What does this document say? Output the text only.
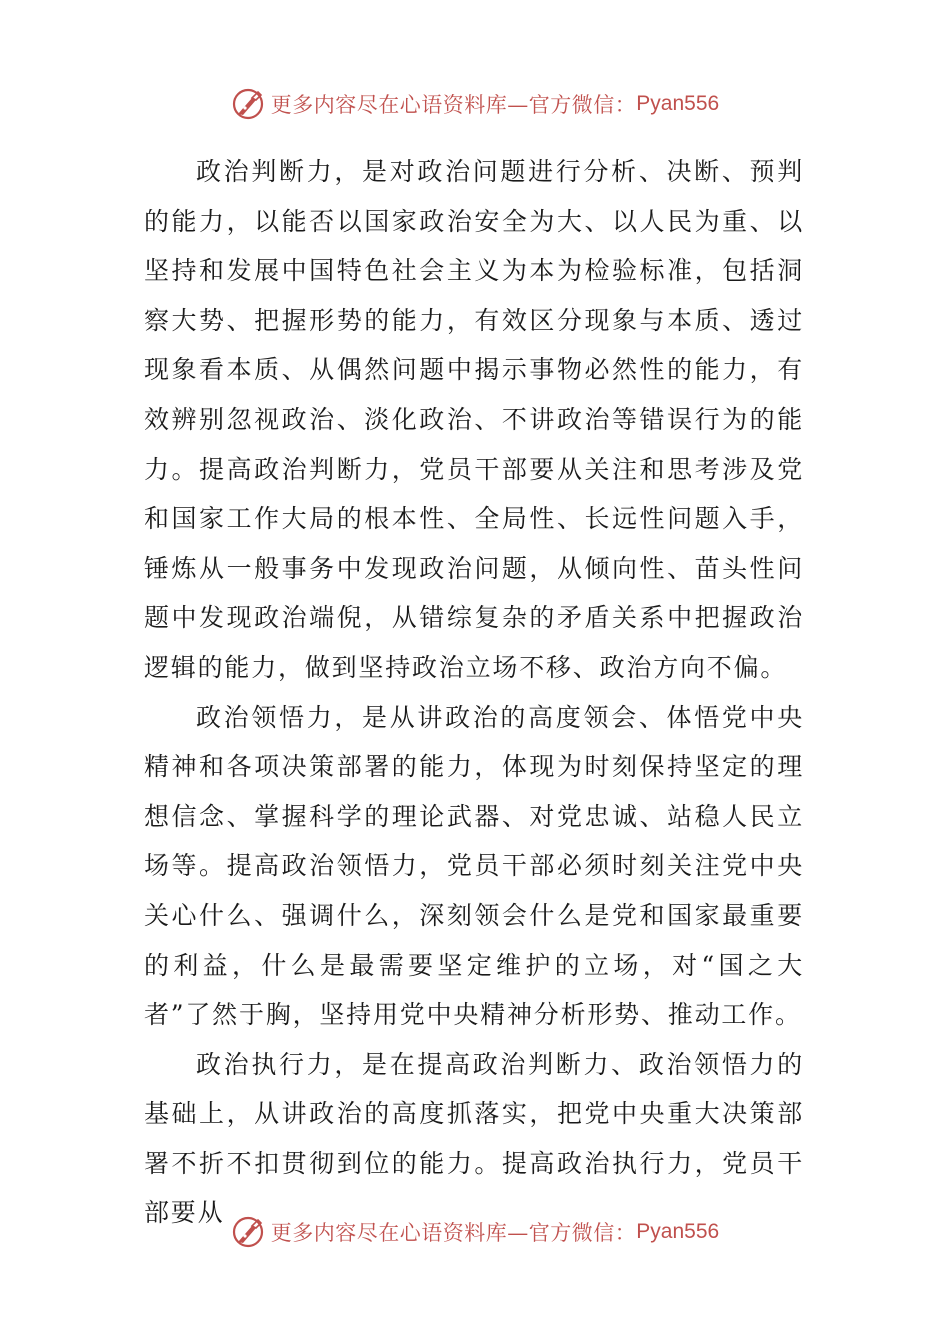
更多内容尽在心语资料库—官方微信： Pyan556

政治判断力，是对政治问题进行分析、决断、预判的能力，以能否以国家政治安全为大、以人民为重、以坚持和发展中国特色社会主义为本为检验标准，包括洞察大势、把握形势的能力，有效区分现象与本质、透过现象看本质、从偶然问题中揭示事物必然性的能力，有效辨别忽视政治、淡化政治、不讲政治等错误行为的能力。提高政治判断力，党员干部要从关注和思考涉及党和国家工作大局的根本性、全局性、长远性问题入手，锤炼从一般事务中发现政治问题，从倾向性、苗头性问题中发现政治端倪，从错综复杂的矛盾关系中把握政治逻辑的能力，做到坚持政治立场不移、政治方向不偏。

政治领悟力，是从讲政治的高度领会、体悟党中央精神和各项决策部署的能力，体现为时刻保持坚定的理想信念、掌握科学的理论武器、对党忠诚、站稳人民立场等。提高政治领悟力，党员干部必须时刻关注党中央关心什么、强调什么，深刻领会什么是党和国家最重要的利益，什么是最需要坚定维护的立场，对“国之大者”了然于胸，坚持用党中央精神分析形势、推动工作。

政治执行力，是在提高政治判断力、政治领悟力的基础上，从讲政治的高度抓落实，把党中央重大决策部署不折不扣贯彻到位的能力。提高政治执行力，党员干部要从

更多内容尽在心语资料库—官方微信： Pyan556
